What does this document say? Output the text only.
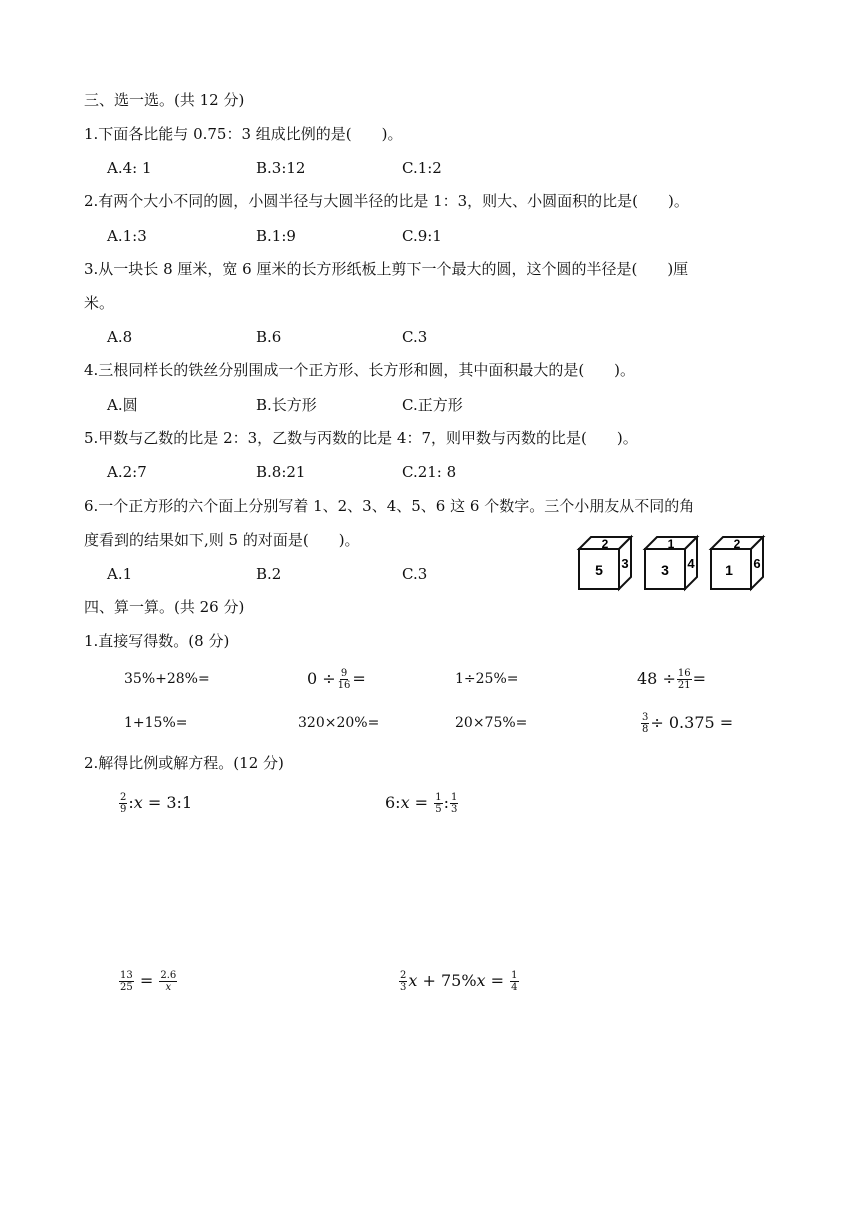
三、选一选。(共 12 分)
1.下面各比能与 0.75：3 组成比例的是(　　)。
A.4: 1	B.3:12	C.1:2
2.有两个大小不同的圆，小圆半径与大圆半径的比是 1：3，则大、小圆面积的比是(　　)。
A.1:3	B.1:9	C.9:1
3.从一块长 8 厘米，宽 6 厘米的长方形纸板上剪下一个最大的圆，这个圆的半径是(　　)厘
米。
A.8	B.6	C.3
4.三根同样长的铁丝分别围成一个正方形、长方形和圆，其中面积最大的是(　　)。
A.圆	B.长方形	C.正方形
5.甲数与乙数的比是 2：3，乙数与丙数的比是 4：7，则甲数与丙数的比是(　　)。
A.2:7	B.8:21	C.21: 8
6.一个正方形的六个面上分别写着 1、2、3、4、5、6 这 6 个数字。三个小朋友从不同的角
度看到的结果如下,则 5 的对面是(　　)。
A.1	B.2	C.3
2
5 3
1
3 4
2
1 6
四、算一算。(共 26 分)
1.直接写得数。(8 分)
35%+28%=	$0 \div \frac{9}{16}$ =	1÷25%=	$48 \div \frac{16}{21}$ =
1+15%=	320×20%=	20×75%=	$\frac{3}{8} \div 0.375$ =
2.解得比例或解方程。(12 分)
$\frac{2}{9}$ :𝑥 = 3:1	6:𝑥 = $\frac{1}{5}$ : $\frac{1}{3}$
$\frac{13}{25} = \frac{2.6}{\text{𝑥}}$	$\frac{2}{3}$ 𝑥 + 75%𝑥 = $\frac{1}{4}$
